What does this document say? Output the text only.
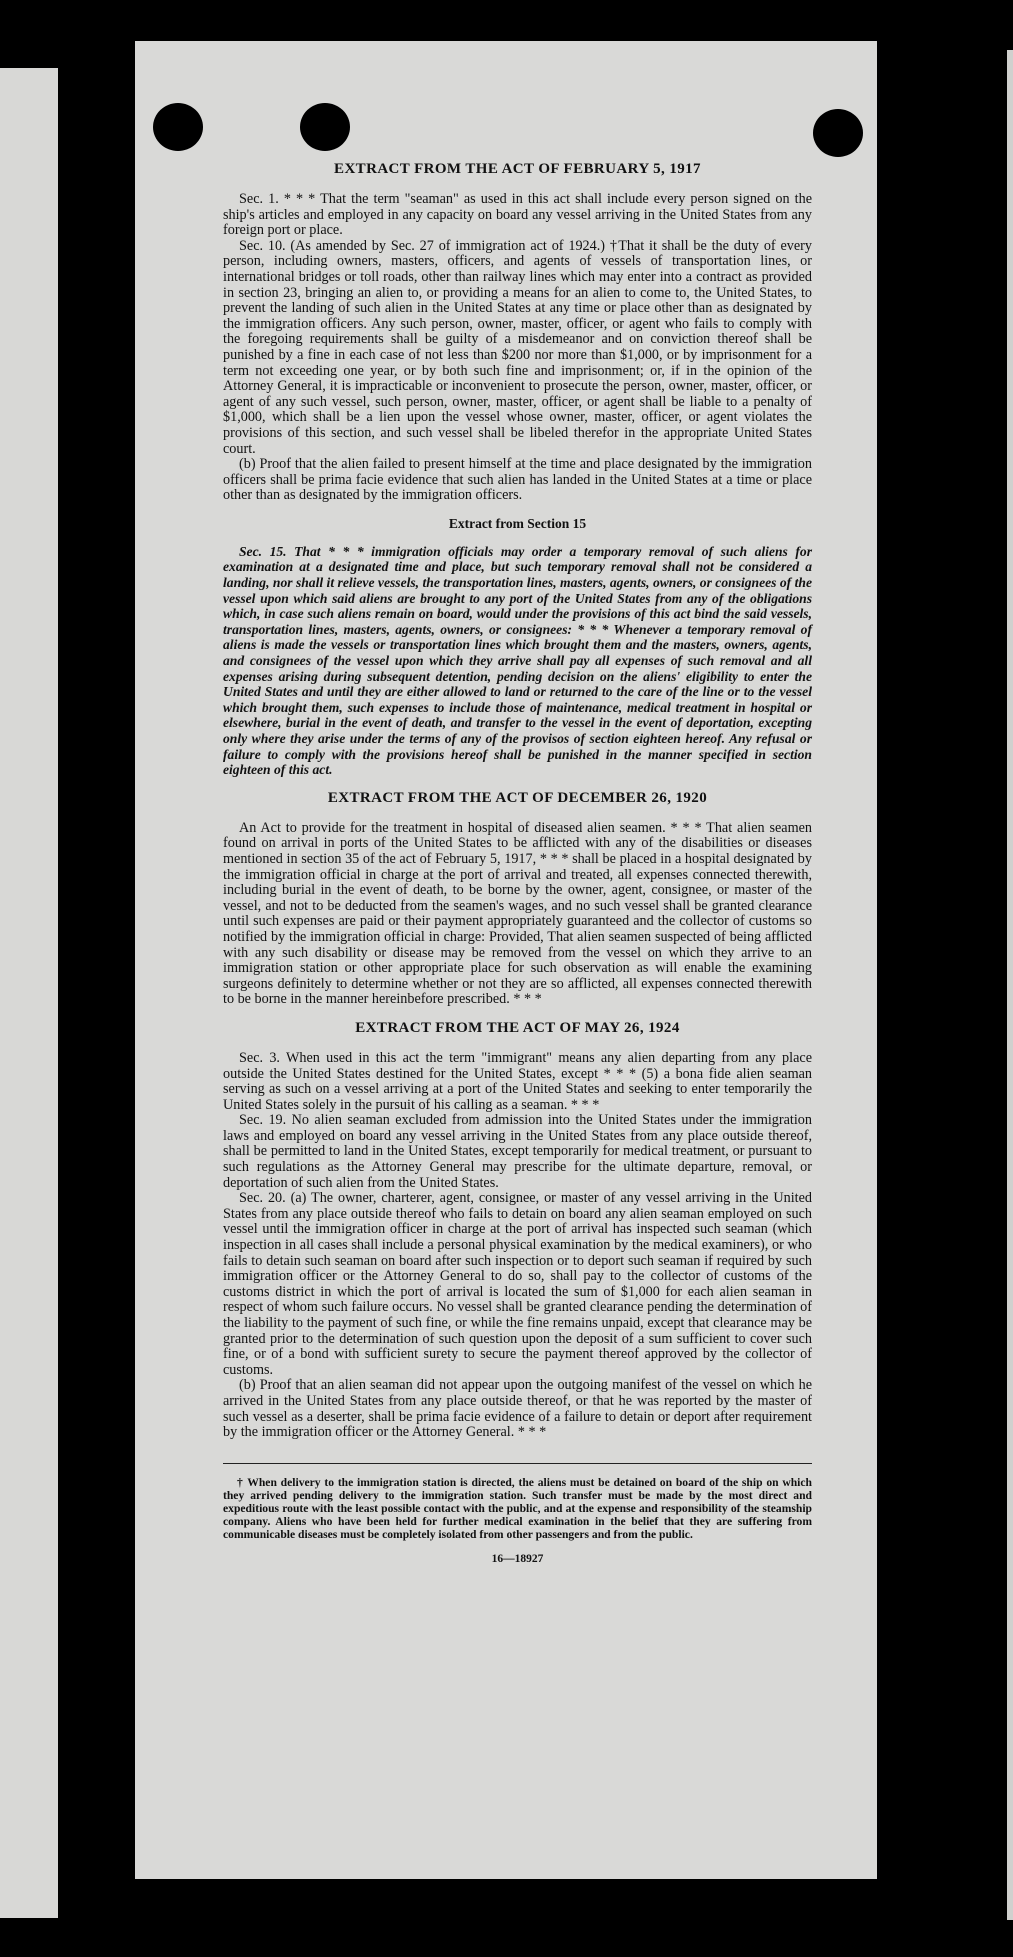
EXTRACT FROM THE ACT OF FEBRUARY 5, 1917

Sec. 1. * * * That the term "seaman" as used in this act shall include every person signed on the ship's articles and employed in any capacity on board any vessel arriving in the United States from any foreign port or place.

Sec. 10. (As amended by Sec. 27 of immigration act of 1924.) †That it shall be the duty of every person, including owners, masters, officers, and agents of vessels of transportation lines, or international bridges or toll roads, other than railway lines which may enter into a contract as provided in section 23, bringing an alien to, or providing a means for an alien to come to, the United States, to prevent the landing of such alien in the United States at any time or place other than as designated by the immigration officers. Any such person, owner, master, officer, or agent who fails to comply with the foregoing requirements shall be guilty of a misdemeanor and on conviction thereof shall be punished by a fine in each case of not less than $200 nor more than $1,000, or by imprisonment for a term not exceeding one year, or by both such fine and imprisonment; or, if in the opinion of the Attorney General, it is impracticable or inconvenient to prosecute the person, owner, master, officer, or agent of any such vessel, such person, owner, master, officer, or agent shall be liable to a penalty of $1,000, which shall be a lien upon the vessel whose owner, master, officer, or agent violates the provisions of this section, and such vessel shall be libeled therefor in the appropriate United States court.

(b) Proof that the alien failed to present himself at the time and place designated by the immigration officers shall be prima facie evidence that such alien has landed in the United States at a time or place other than as designated by the immigration officers.

Extract from Section 15

Sec. 15. That * * * immigration officials may order a temporary removal of such aliens for examination at a designated time and place, but such temporary removal shall not be considered a landing, nor shall it relieve vessels, the transportation lines, masters, agents, owners, or consignees of the vessel upon which said aliens are brought to any port of the United States from any of the obligations which, in case such aliens remain on board, would under the provisions of this act bind the said vessels, transportation lines, masters, agents, owners, or consignees: * * * Whenever a temporary removal of aliens is made the vessels or transportation lines which brought them and the masters, owners, agents, and consignees of the vessel upon which they arrive shall pay all expenses of such removal and all expenses arising during subsequent detention, pending decision on the aliens' eligibility to enter the United States and until they are either allowed to land or returned to the care of the line or to the vessel which brought them, such expenses to include those of maintenance, medical treatment in hospital or elsewhere, burial in the event of death, and transfer to the vessel in the event of deportation, excepting only where they arise under the terms of any of the provisos of section eighteen hereof. Any refusal or failure to comply with the provisions hereof shall be punished in the manner specified in section eighteen of this act.

EXTRACT FROM THE ACT OF DECEMBER 26, 1920

An Act to provide for the treatment in hospital of diseased alien seamen. * * * That alien seamen found on arrival in ports of the United States to be afflicted with any of the disabilities or diseases mentioned in section 35 of the act of February 5, 1917, * * * shall be placed in a hospital designated by the immigration official in charge at the port of arrival and treated, all expenses connected therewith, including burial in the event of death, to be borne by the owner, agent, consignee, or master of the vessel, and not to be deducted from the seamen's wages, and no such vessel shall be granted clearance until such expenses are paid or their payment appropriately guaranteed and the collector of customs so notified by the immigration official in charge: Provided, That alien seamen suspected of being afflicted with any such disability or disease may be removed from the vessel on which they arrive to an immigration station or other appropriate place for such observation as will enable the examining surgeons definitely to determine whether or not they are so afflicted, all expenses connected therewith to be borne in the manner hereinbefore prescribed. * * *

EXTRACT FROM THE ACT OF MAY 26, 1924

Sec. 3. When used in this act the term "immigrant" means any alien departing from any place outside the United States destined for the United States, except * * * (5) a bona fide alien seaman serving as such on a vessel arriving at a port of the United States and seeking to enter temporarily the United States solely in the pursuit of his calling as a seaman. * * *

Sec. 19. No alien seaman excluded from admission into the United States under the immigration laws and employed on board any vessel arriving in the United States from any place outside thereof, shall be permitted to land in the United States, except temporarily for medical treatment, or pursuant to such regulations as the Attorney General may prescribe for the ultimate departure, removal, or deportation of such alien from the United States.

Sec. 20. (a) The owner, charterer, agent, consignee, or master of any vessel arriving in the United States from any place outside thereof who fails to detain on board any alien seaman employed on such vessel until the immigration officer in charge at the port of arrival has inspected such seaman (which inspection in all cases shall include a personal physical examination by the medical examiners), or who fails to detain such seaman on board after such inspection or to deport such seaman if required by such immigration officer or the Attorney General to do so, shall pay to the collector of customs of the customs district in which the port of arrival is located the sum of $1,000 for each alien seaman in respect of whom such failure occurs. No vessel shall be granted clearance pending the determination of the liability to the payment of such fine, or while the fine remains unpaid, except that clearance may be granted prior to the determination of such question upon the deposit of a sum sufficient to cover such fine, or of a bond with sufficient surety to secure the payment thereof approved by the collector of customs.

(b) Proof that an alien seaman did not appear upon the outgoing manifest of the vessel on which he arrived in the United States from any place outside thereof, or that he was reported by the master of such vessel as a deserter, shall be prima facie evidence of a failure to detain or deport after requirement by the immigration officer or the Attorney General. * * *

† When delivery to the immigration station is directed, the aliens must be detained on board of the ship on which they arrived pending delivery to the immigration station. Such transfer must be made by the most direct and expeditious route with the least possible contact with the public, and at the expense and responsibility of the steamship company. Aliens who have been held for further medical examination in the belief that they are suffering from communicable diseases must be completely isolated from other passengers and from the public.
16—18927
